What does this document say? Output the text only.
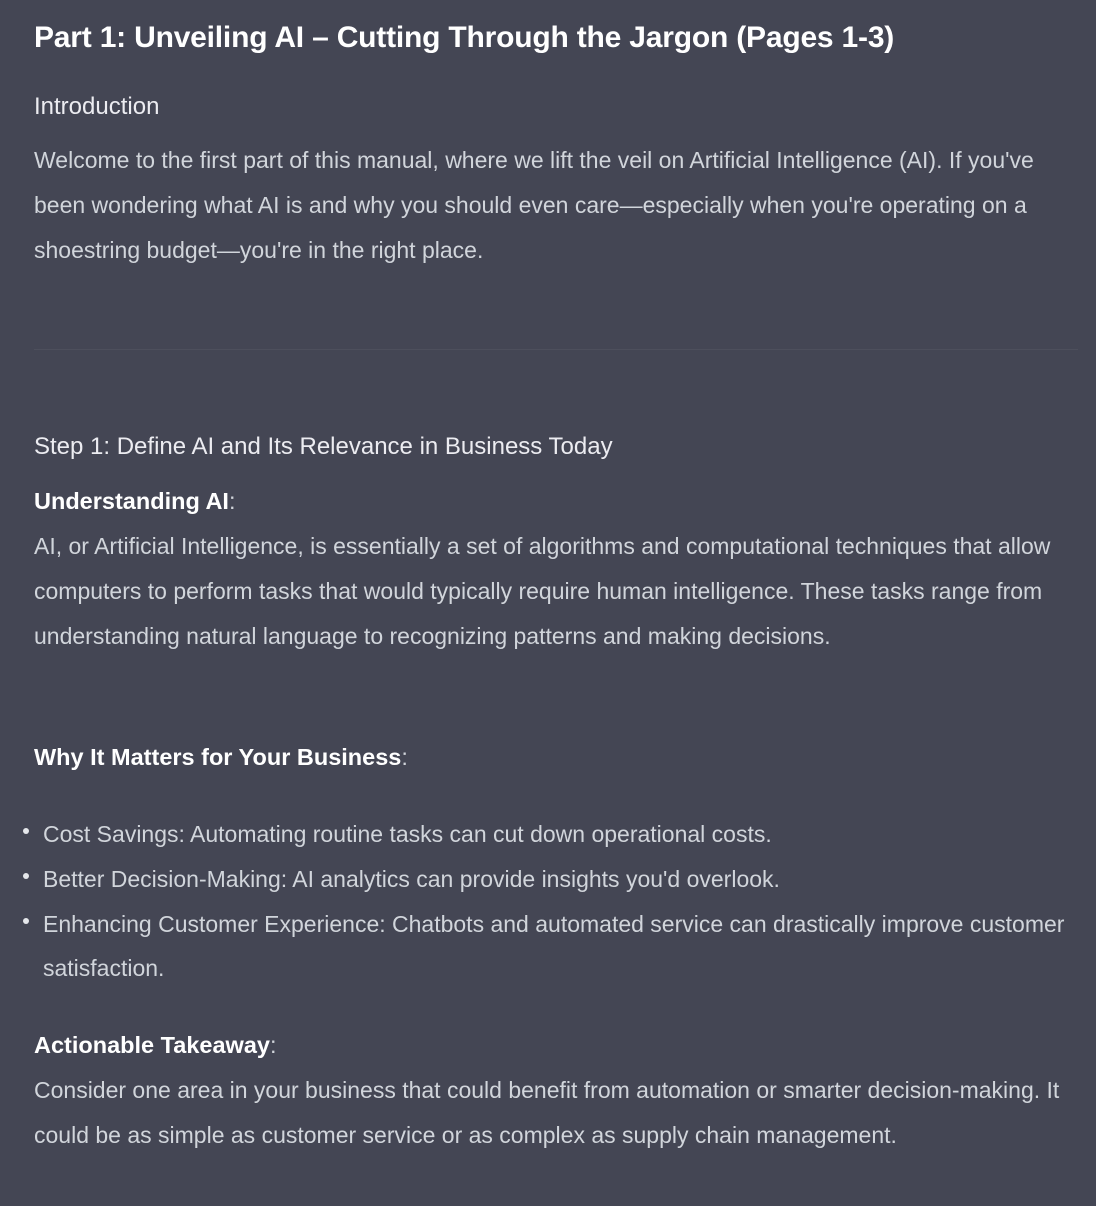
Part 1: Unveiling AI – Cutting Through the Jargon (Pages 1-3)

Introduction

Welcome to the first part of this manual, where we lift the veil on Artificial Intelligence (AI). If you've been wondering what AI is and why you should even care—especially when you're operating on a shoestring budget—you're in the right place.

Step 1: Define AI and Its Relevance in Business Today

Understanding AI:

AI, or Artificial Intelligence, is essentially a set of algorithms and computational techniques that allow computers to perform tasks that would typically require human intelligence. These tasks range from understanding natural language to recognizing patterns and making decisions.

Why It Matters for Your Business:

Cost Savings: Automating routine tasks can cut down operational costs.
Better Decision-Making: AI analytics can provide insights you'd overlook.
Enhancing Customer Experience: Chatbots and automated service can drastically improve customer satisfaction.

Actionable Takeaway:

Consider one area in your business that could benefit from automation or smarter decision-making. It could be as simple as customer service or as complex as supply chain management.
